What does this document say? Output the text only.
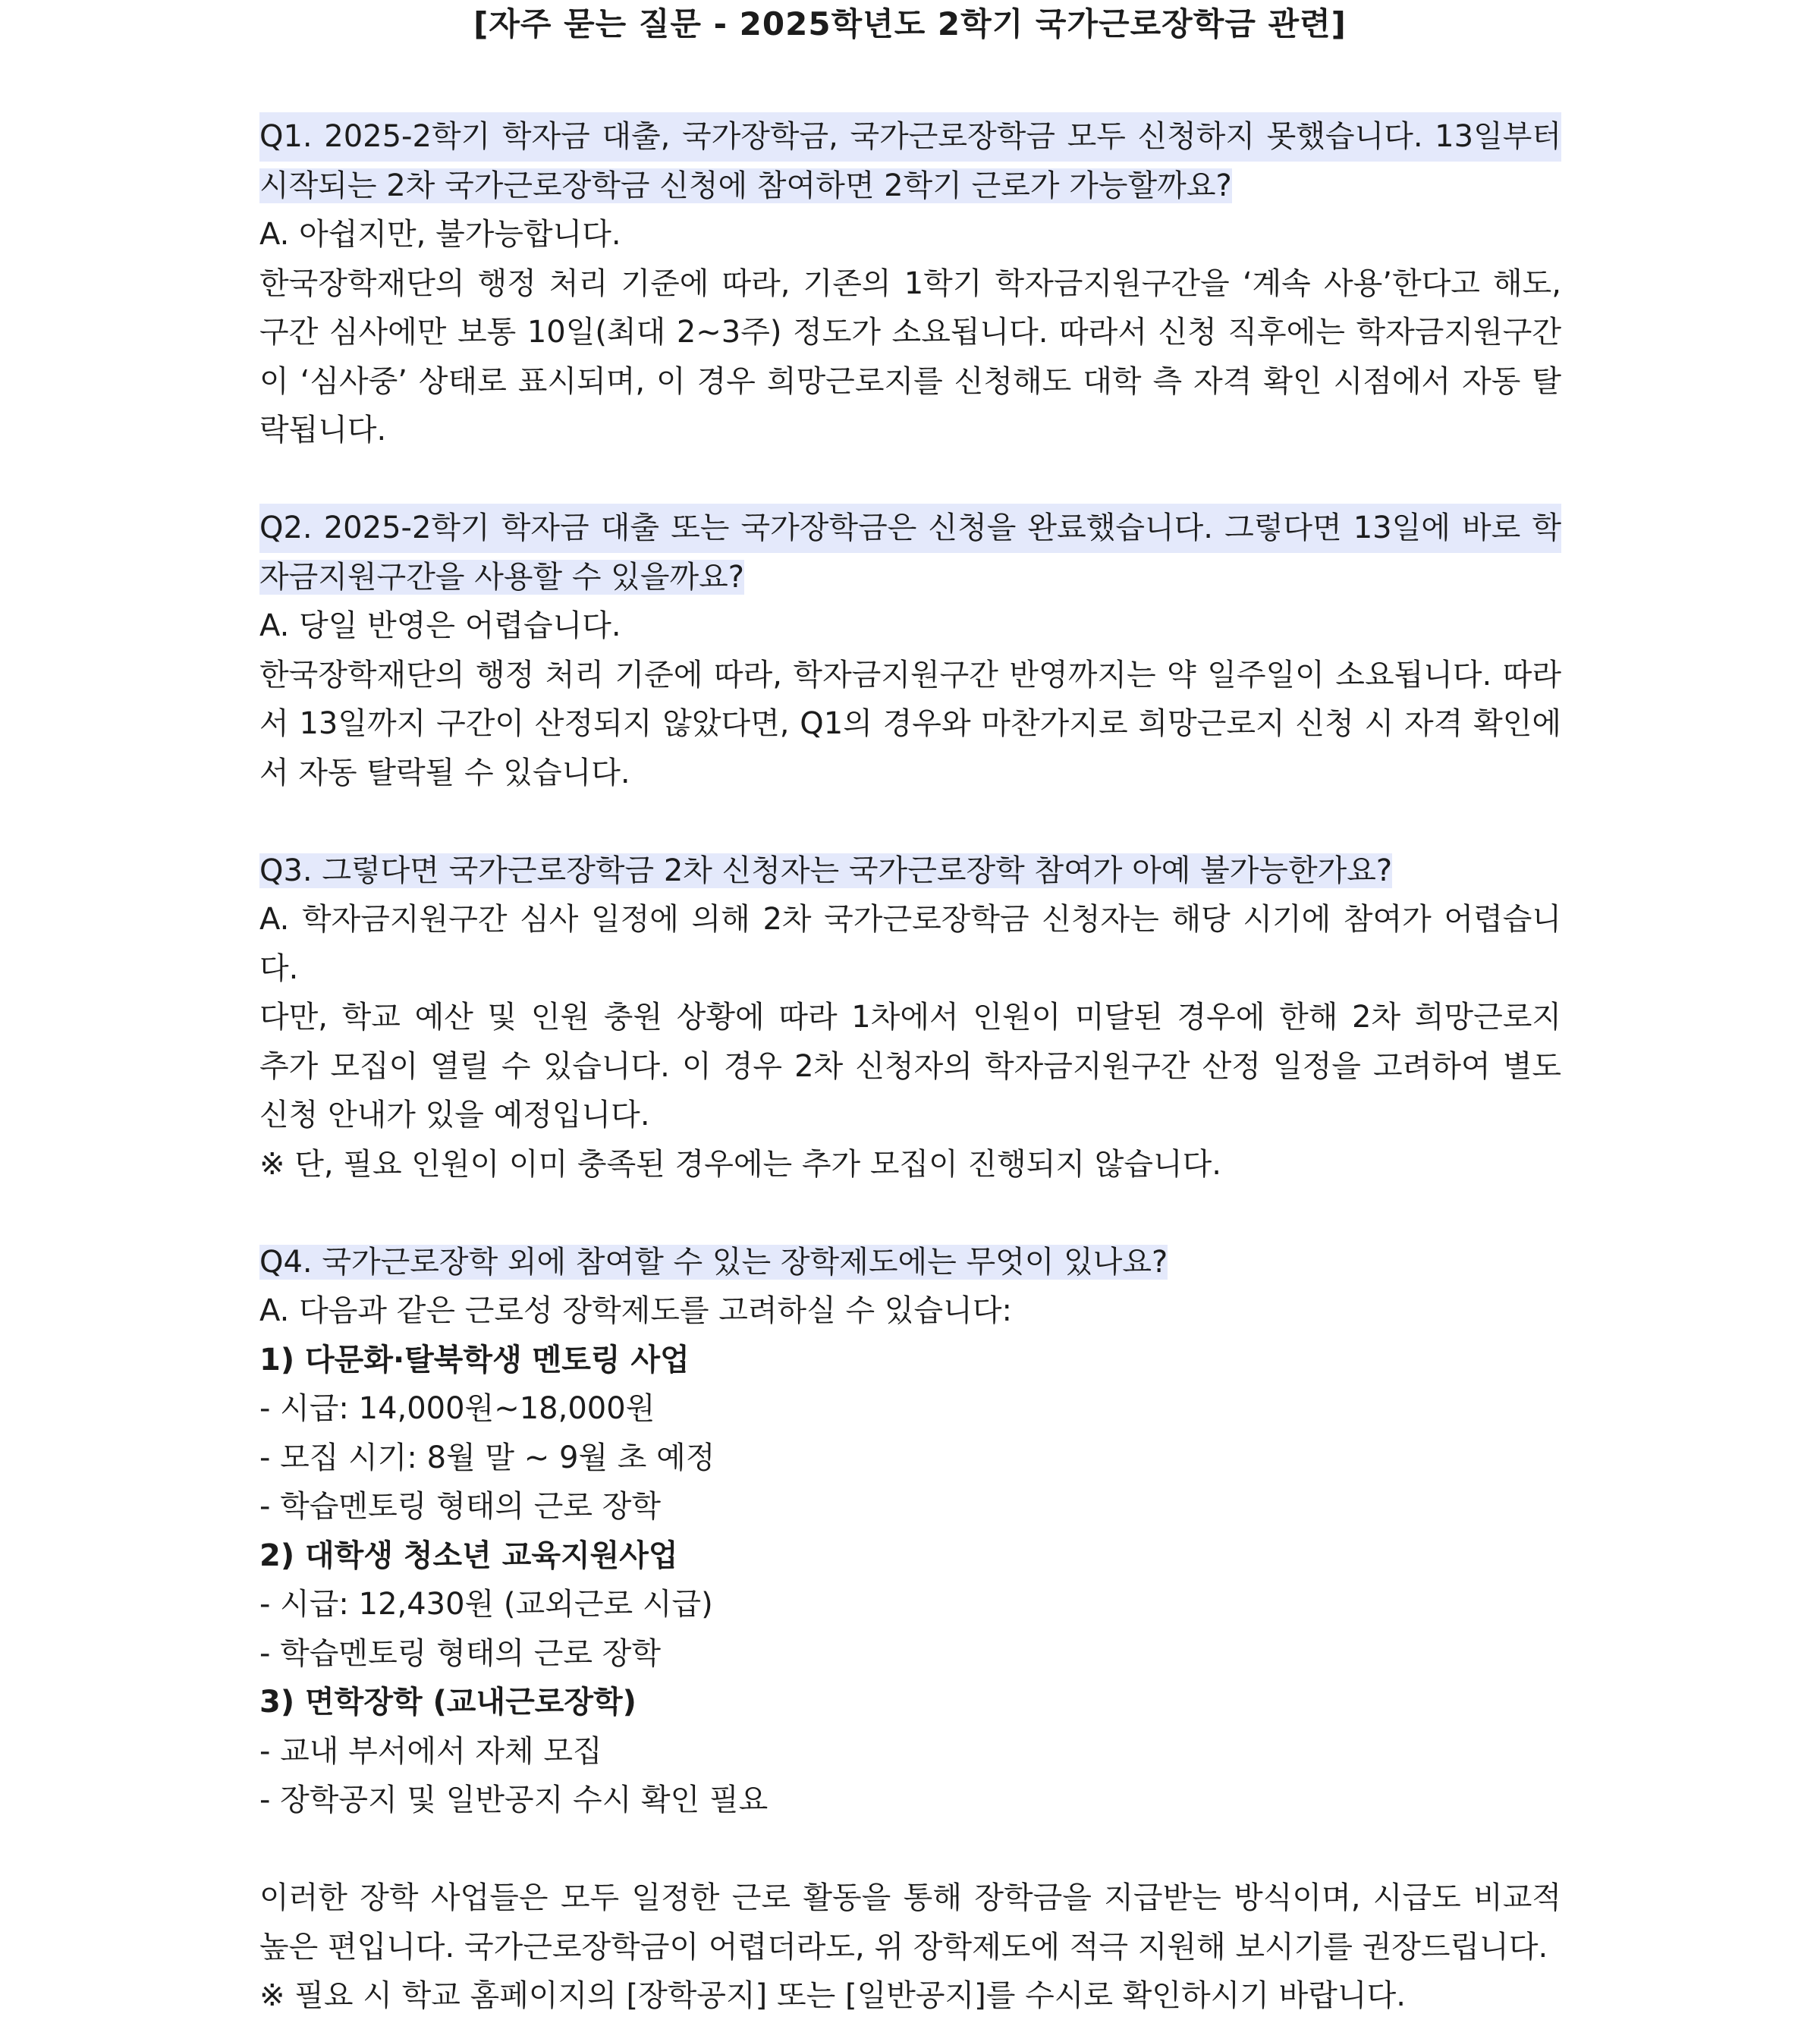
[자주 묻는 질문 - 2025학년도 2학기 국가근로장학금 관련]
Q1. 2025-2학기 학자금 대출, 국가장학금, 국가근로장학금 모두 신청하지 못했습니다. 13일부터
시작되는 2차 국가근로장학금 신청에 참여하면 2학기 근로가 가능할까요?
A. 아쉽지만, 불가능합니다.
한국장학재단의 행정 처리 기준에 따라, 기존의 1학기 학자금지원구간을 ‘계속 사용’한다고 해도,
구간 심사에만 보통 10일(최대 2~3주) 정도가 소요됩니다. 따라서 신청 직후에는 학자금지원구간
이 ‘심사중’ 상태로 표시되며, 이 경우 희망근로지를 신청해도 대학 측 자격 확인 시점에서 자동 탈
락됩니다.
Q2. 2025-2학기 학자금 대출 또는 국가장학금은 신청을 완료했습니다. 그렇다면 13일에 바로 학
자금지원구간을 사용할 수 있을까요?
A. 당일 반영은 어렵습니다.
한국장학재단의 행정 처리 기준에 따라, 학자금지원구간 반영까지는 약 일주일이 소요됩니다. 따라
서 13일까지 구간이 산정되지 않았다면, Q1의 경우와 마찬가지로 희망근로지 신청 시 자격 확인에
서 자동 탈락될 수 있습니다.
Q3. 그렇다면 국가근로장학금 2차 신청자는 국가근로장학 참여가 아예 불가능한가요?
A. 학자금지원구간 심사 일정에 의해 2차 국가근로장학금 신청자는 해당 시기에 참여가 어렵습니
다.
다만, 학교 예산 및 인원 충원 상황에 따라 1차에서 인원이 미달된 경우에 한해 2차 희망근로지
추가 모집이 열릴 수 있습니다. 이 경우 2차 신청자의 학자금지원구간 산정 일정을 고려하여 별도
신청 안내가 있을 예정입니다.
※ 단, 필요 인원이 이미 충족된 경우에는 추가 모집이 진행되지 않습니다.
Q4. 국가근로장학 외에 참여할 수 있는 장학제도에는 무엇이 있나요?
A. 다음과 같은 근로성 장학제도를 고려하실 수 있습니다:
1) 다문화·탈북학생 멘토링 사업
- 시급: 14,000원~18,000원
- 모집 시기: 8월 말 ~ 9월 초 예정
- 학습멘토링 형태의 근로 장학
2) 대학생 청소년 교육지원사업
- 시급: 12,430원 (교외근로 시급)
- 학습멘토링 형태의 근로 장학
3) 면학장학 (교내근로장학)
- 교내 부서에서 자체 모집
- 장학공지 및 일반공지 수시 확인 필요
이러한 장학 사업들은 모두 일정한 근로 활동을 통해 장학금을 지급받는 방식이며, 시급도 비교적
높은 편입니다. 국가근로장학금이 어렵더라도, 위 장학제도에 적극 지원해 보시기를 권장드립니다.
※ 필요 시 학교 홈페이지의 [장학공지] 또는 [일반공지]를 수시로 확인하시기 바랍니다.
